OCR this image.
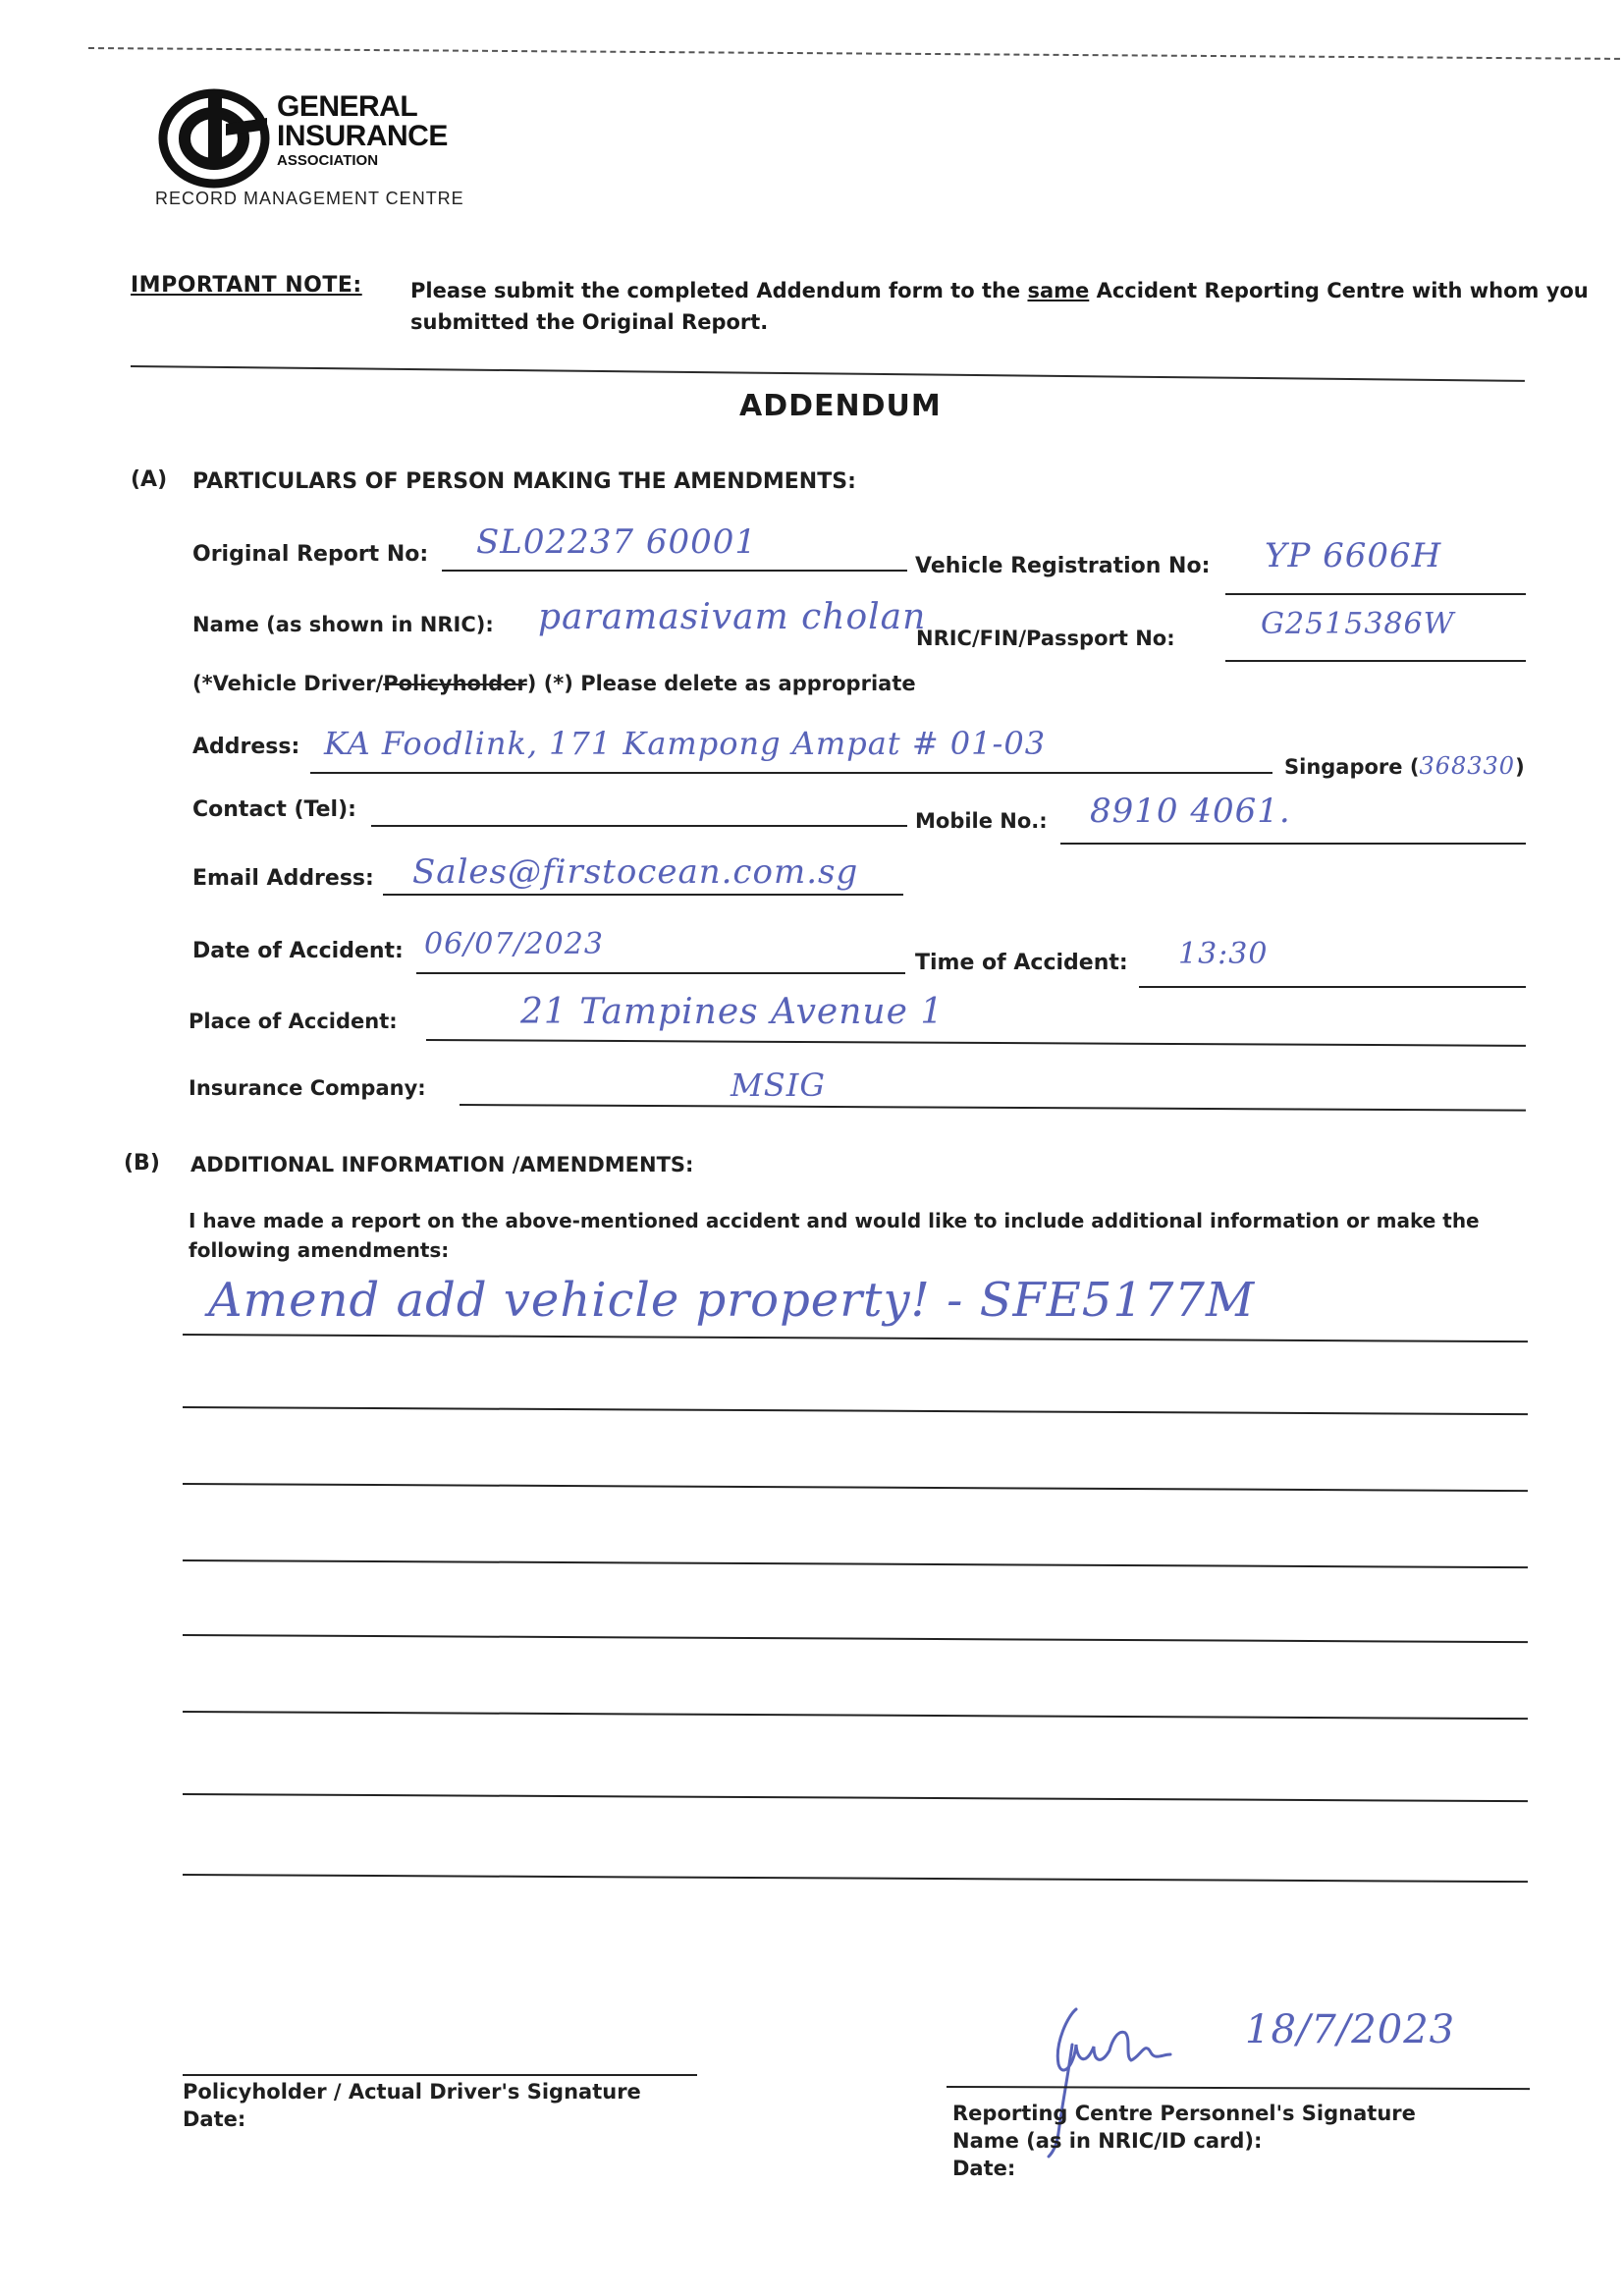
GENERAL
INSURANCE
ASSOCIATION
RECORD MANAGEMENT CENTRE
IMPORTANT NOTE: Please submit the completed Addendum form to the same Accident Reporting Centre with whom you submitted the Original Report.
ADDENDUM
(A) PARTICULARS OF PERSON MAKING THE AMENDMENTS:
Original Report No: SL02237 60001
Vehicle Registration No: YP 6606H
Name (as shown in NRIC): paramasivam cholan
NRIC/FIN/Passport No:	G2515386W
(*Vehicle Driver/Policyholder) (*) Please delete as appropriate
Address: KA Foodlink, 171 Kampong Ampat # 01-03
Singapore (368330)
Contact (Tel):	Mobile No.: 8910 4061.
Email Address: Sales@firstocean.com.sg
Date of Accident: 06/07/2023
Time of Accident: 13:30
Place of Accident:	21 Tampines Avenue 1
Insurance Company:	MSIG
(B) ADDITIONAL INFORMATION /AMENDMENTS:
I have made a report on the above-mentioned accident and would like to include additional information or make the following amendments:
Amend add vehicle property! - SFE5177M
Policyholder / Actual Driver's Signature
Date:
18/7/2023
Reporting Centre Personnel's Signature
Name (as in NRIC/ID card):
Date:
